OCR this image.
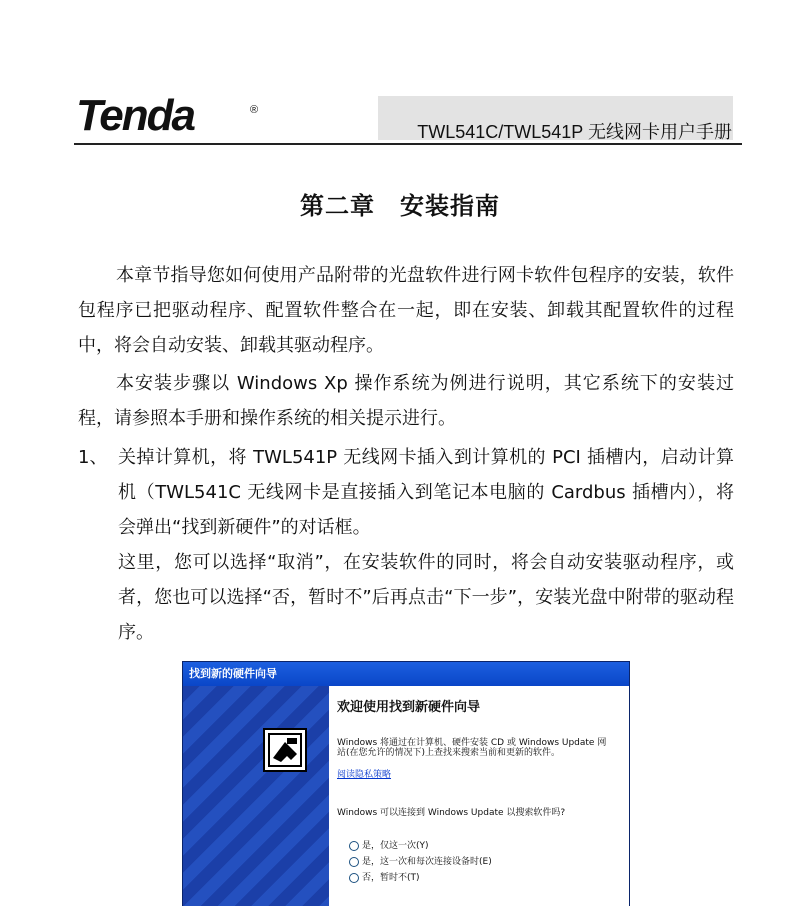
Tenda	®
TWL541C/TWL541P 无线网卡用户手册
第二章　安装指南
本章节指导您如何使用产品附带的光盘软件进行网卡软件包程序的安装，软件包程序已把驱动程序、配置软件整合在一起，即在安装、卸载其配置软件的过程中，将会自动安装、卸载其驱动程序。
本安装步骤以 Windows Xp 操作系统为例进行说明，其它系统下的安装过程，请参照本手册和操作系统的相关提示进行。
1、 关掉计算机，将 TWL541P 无线网卡插入到计算机的 PCI 插槽内，启动计算机（TWL541C 无线网卡是直接插入到笔记本电脑的 Cardbus 插槽内），将会弹出“找到新硬件”的对话框。
这里，您可以选择“取消”，在安装软件的同时，将会自动安装驱动程序，或者，您也可以选择“否，暂时不”后再点击“下一步”，安装光盘中附带的驱动程序。
找到新的硬件向导
欢迎使用找到新硬件向导
Windows 将通过在计算机、硬件安装 CD 或 Windows Update 网站(在您允许的情况下)上查找来搜索当前和更新的软件。
阅读隐私策略
Windows 可以连接到 Windows Update 以搜索软件吗?
是，仅这一次(Y)
是，这一次和每次连接设备时(E)
否，暂时不(T)
